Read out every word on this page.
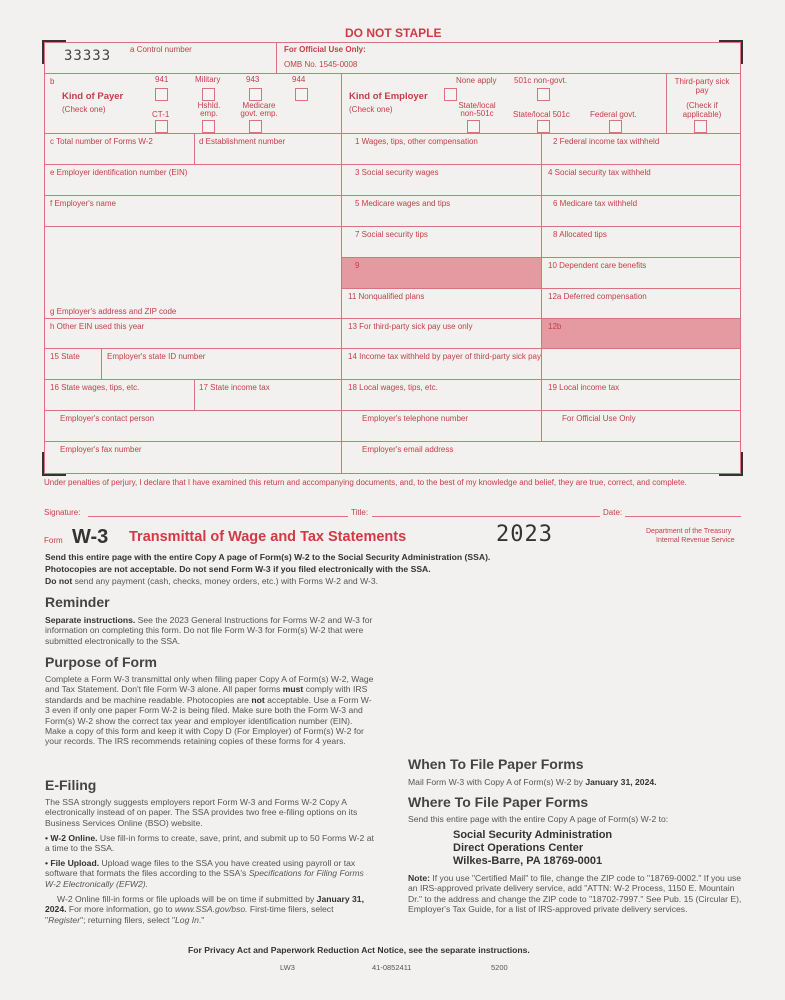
DO NOT STAPLE
33333 a Control number	For Official Use Only:
OMB No. 1545-0008
b
Kind of Payer
(Check one)
941	Military	943	944
CT-1
Hshld. emp.
Medicare govt. emp.
Kind of Employer
(Check one)
None apply 501c non-govt.
State/local non-501c	State/local 501c	Federal govt.
Third-party sick pay
(Check if applicable)
c Total number of Forms W-2	d Establishment number	1 Wages, tips, other compensation	2 Federal income tax withheld
e Employer identification number (EIN)	3 Social security wages	4 Social security tax withheld
f Employer's name	5 Medicare wages and tips	6 Medicare tax withheld
7 Social security tips	8 Allocated tips
9	10 Dependent care benefits
g Employer's address and ZIP code
11 Nonqualified plans	12a Deferred compensation
h Other EIN used this year	13 For third-party sick pay use only	12b
15 State	Employer's state ID number	14 Income tax withheld by payer of third-party sick pay
16 State wages, tips, etc.	17 State income tax	18 Local wages, tips, etc.	19 Local income tax
Employer's contact person	Employer's telephone number	For Official Use Only
Employer's fax number	Employer's email address
Under penalties of perjury, I declare that I have examined this return and accompanying documents, and, to the best of my knowledge and belief, they are true, correct, and complete.
Signature:	Title:	Date:
Form W-3 Transmittal of Wage and Tax Statements	2023	Department of the Treasury
Internal Revenue Service
Send this entire page with the entire Copy A page of Form(s) W-2 to the Social Security Administration (SSA).
Photocopies are not acceptable. Do not send Form W-3 if you filed electronically with the SSA.
Do not send any payment (cash, checks, money orders, etc.) with Forms W-2 and W-3.
Reminder
Separate instructions. See the 2023 General Instructions for Forms W-2 and W-3 for information on completing this form. Do not file Form W-3 for Form(s) W-2 that were submitted electronically to the SSA.
Purpose of Form
Complete a Form W-3 transmittal only when filing paper Copy A of Form(s) W-2, Wage and Tax Statement. Don't file Form W-3 alone. All paper forms must comply with IRS standards and be machine readable. Photocopies are not acceptable. Use a Form W-3 even if only one paper Form W-2 is being filed. Make sure both the Form W-3 and Form(s) W-2 show the correct tax year and employer identification number (EIN). Make a copy of this form and keep it with Copy D (For Employer) of Form(s) W-2 for your records. The IRS recommends retaining copies of these forms for 4 years.
E-Filing
The SSA strongly suggests employers report Form W-3 and Forms W-2 Copy A electronically instead of on paper. The SSA provides two free e-filing options on its Business Services Online (BSO) website.
• W-2 Online. Use fill-in forms to create, save, print, and submit up to 50 Forms W-2 at a time to the SSA.
• File Upload. Upload wage files to the SSA you have created using payroll or tax software that formats the files according to the SSA's Specifications for Filing Forms W-2 Electronically (EFW2).
W-2 Online fill-in forms or file uploads will be on time if submitted by January 31, 2024. For more information, go to www.SSA.gov/bso. First-time filers, select "Register"; returning filers, select "Log In."
When To File Paper Forms
Mail Form W-3 with Copy A of Form(s) W-2 by January 31, 2024.
Where To File Paper Forms
Send this entire page with the entire Copy A page of Form(s) W-2 to:
Social Security Administration
Direct Operations Center
Wilkes-Barre, PA 18769-0001
Note: If you use "Certified Mail" to file, change the ZIP code to "18769-0002." If you use an IRS-approved private delivery service, add "ATTN: W-2 Process, 1150 E. Mountain Dr." to the address and change the ZIP code to "18702-7997." See Pub. 15 (Circular E), Employer's Tax Guide, for a list of IRS-approved private delivery services.
For Privacy Act and Paperwork Reduction Act Notice, see the separate instructions.
LW3	41-0852411	5200
